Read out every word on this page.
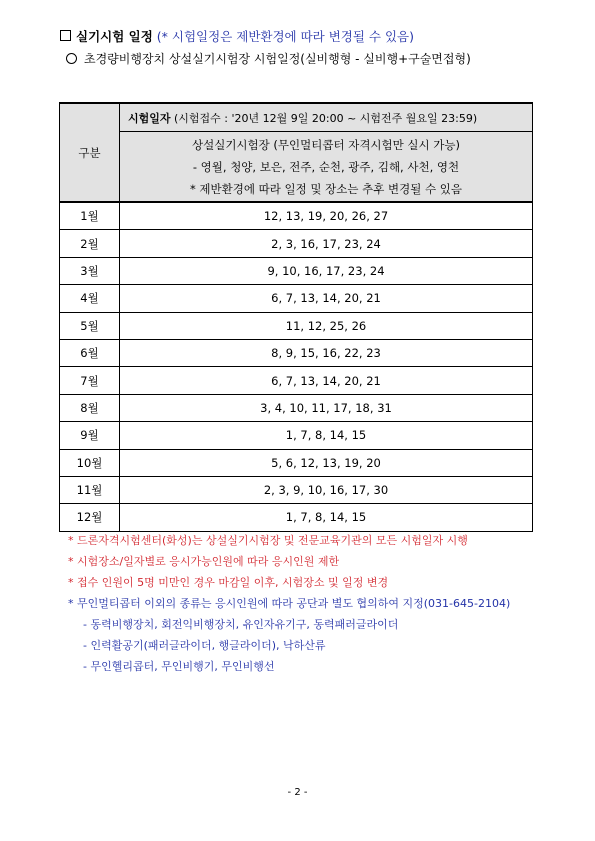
실기시험 일정 (* 시험일정은 제반환경에 따라 변경될 수 있음)
초경량비행장치 상설실기시험장 시험일정(실비행형 - 실비행+구술면접형)
구분	시험일자 (시험접수 : '20년 12월 9일 20:00 ~ 시험전주 월요일 23:59)

	상설실기시험장 (무인멀티콥터 자격시험만 실시 가능)
- 영월, 청양, 보은, 전주, 순천, 광주, 김해, 사천, 영천
* 제반환경에 따라 일정 및 장소는 추후 변경될 수 있음

1월	12, 13, 19, 20, 26, 27
2월	2, 3, 16, 17, 23, 24
3월	9, 10, 16, 17, 23, 24
4월	6, 7, 13, 14, 20, 21
5월	11, 12, 25, 26
6월	8, 9, 15, 16, 22, 23
7월	6, 7, 13, 14, 20, 21
8월	3, 4, 10, 11, 17, 18, 31
9월	1, 7, 8, 14, 15
10월	5, 6, 12, 13, 19, 20
11월	2, 3, 9, 10, 16, 17, 30
12월	1, 7, 8, 14, 15
* 드론자격시험센터(화성)는 상설실기시험장 및 전문교육기관의 모든 시험일자 시행
* 시험장소/일자별로 응시가능인원에 따라 응시인원 제한
* 접수 인원이 5명 미만인 경우 마감일 이후, 시험장소 및 일정 변경
* 무인멀티콥터 이외의 종류는 응시인원에 따라 공단과 별도 협의하여 지정(031-645-2104)
- 동력비행장치, 회전익비행장치, 유인자유기구, 동력패러글라이더
- 인력활공기(패러글라이더, 행글라이더), 낙하산류
- 무인헬리콥터, 무인비행기, 무인비행선
- 2 -
